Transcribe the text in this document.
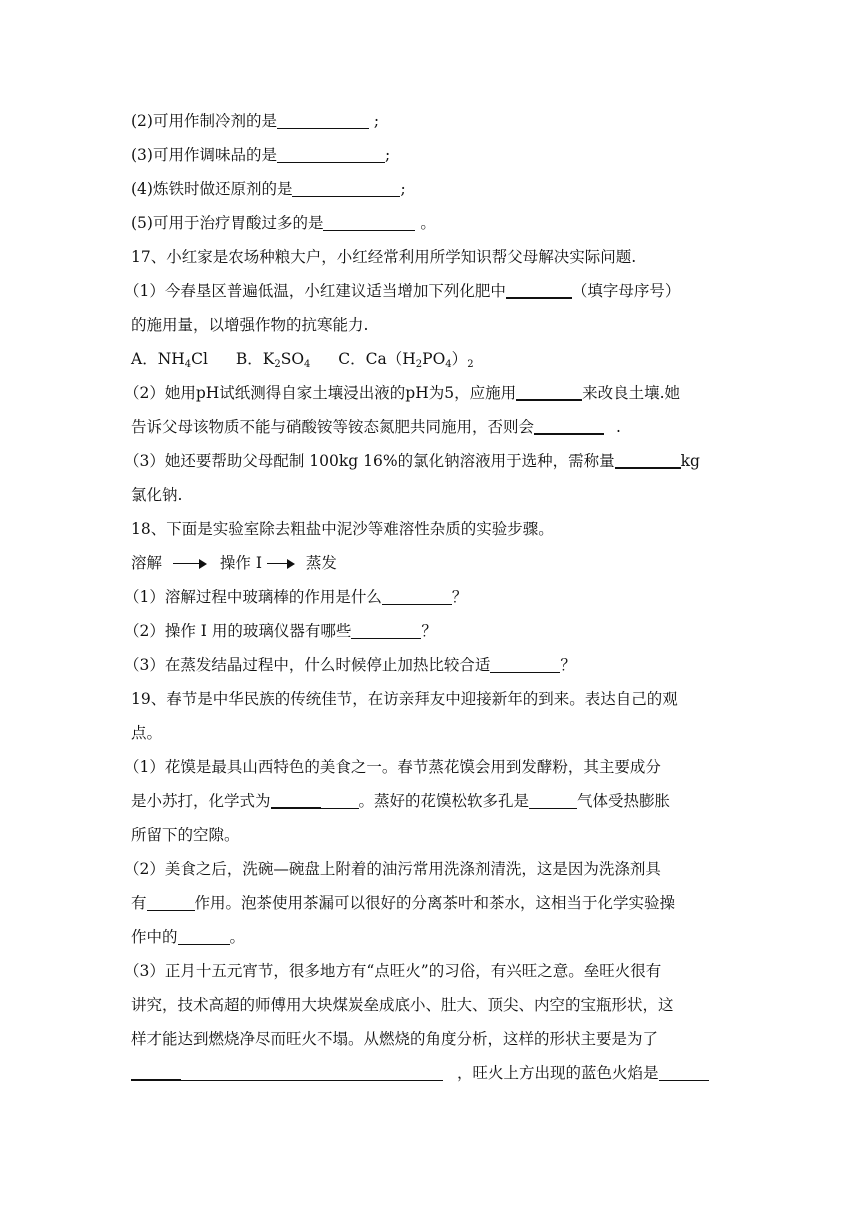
(2)可用作制冷剂的是	;
(3)可用作调味品的是	;
(4)炼铁时做还原剂的是	;
(5)可用于治疗胃酸过多的是	。
17、小红家是农场种粮大户，小红经常利用所学知识帮父母解决实际问题.
（1）今春垦区普遍低温，小红建议适当增加下列化肥中	（填字母序号）
的施用量，以增强作物的抗寒能力.
A．$NH_4Cl$ B．$K_2SO_4$ C．$Ca(H_2PO_4)_2$
（2）她用pH试纸测得自家土壤浸出液的pH为5，应施用	来改良土壤.她
告诉父母该物质不能与硝酸铵等铵态氮肥共同施用，否则会	.
（3）她还要帮助父母配制 100kg 16%的氯化钠溶液用于选种，需称量	kg
氯化钠.
18、下面是实验室除去粗盐中泥沙等难溶性杂质的实验步骤。
溶解	操作 I	蒸发
（1）溶解过程中玻璃棒的作用是什么	？
（2）操作 I 用的玻璃仪器有哪些	？
（3）在蒸发结晶过程中，什么时候停止加热比较合适	？
19、春节是中华民族的传统佳节，在访亲拜友中迎接新年的到来。表达自己的观
点。
（1）花馍是最具山西特色的美食之一。春节蒸花馍会用到发酵粉，其主要成分
是小苏打，化学式为	。蒸好的花馍松软多孔是	气体受热膨胀
所留下的空隙。
（2）美食之后，洗碗—碗盘上附着的油污常用洗涤剂清洗，这是因为洗涤剂具
有	作用。泡茶使用茶漏可以很好的分离茶叶和茶水，这相当于化学实验操
作中的	。
（3）正月十五元宵节，很多地方有“点旺火”的习俗，有兴旺之意。垒旺火很有
讲究，技术高超的师傅用大块煤炭垒成底小、肚大、顶尖、内空的宝瓶形状，这
样才能达到燃烧净尽而旺火不塌。从燃烧的角度分析，这样的形状主要是为了
，旺火上方出现的蓝色火焰是
